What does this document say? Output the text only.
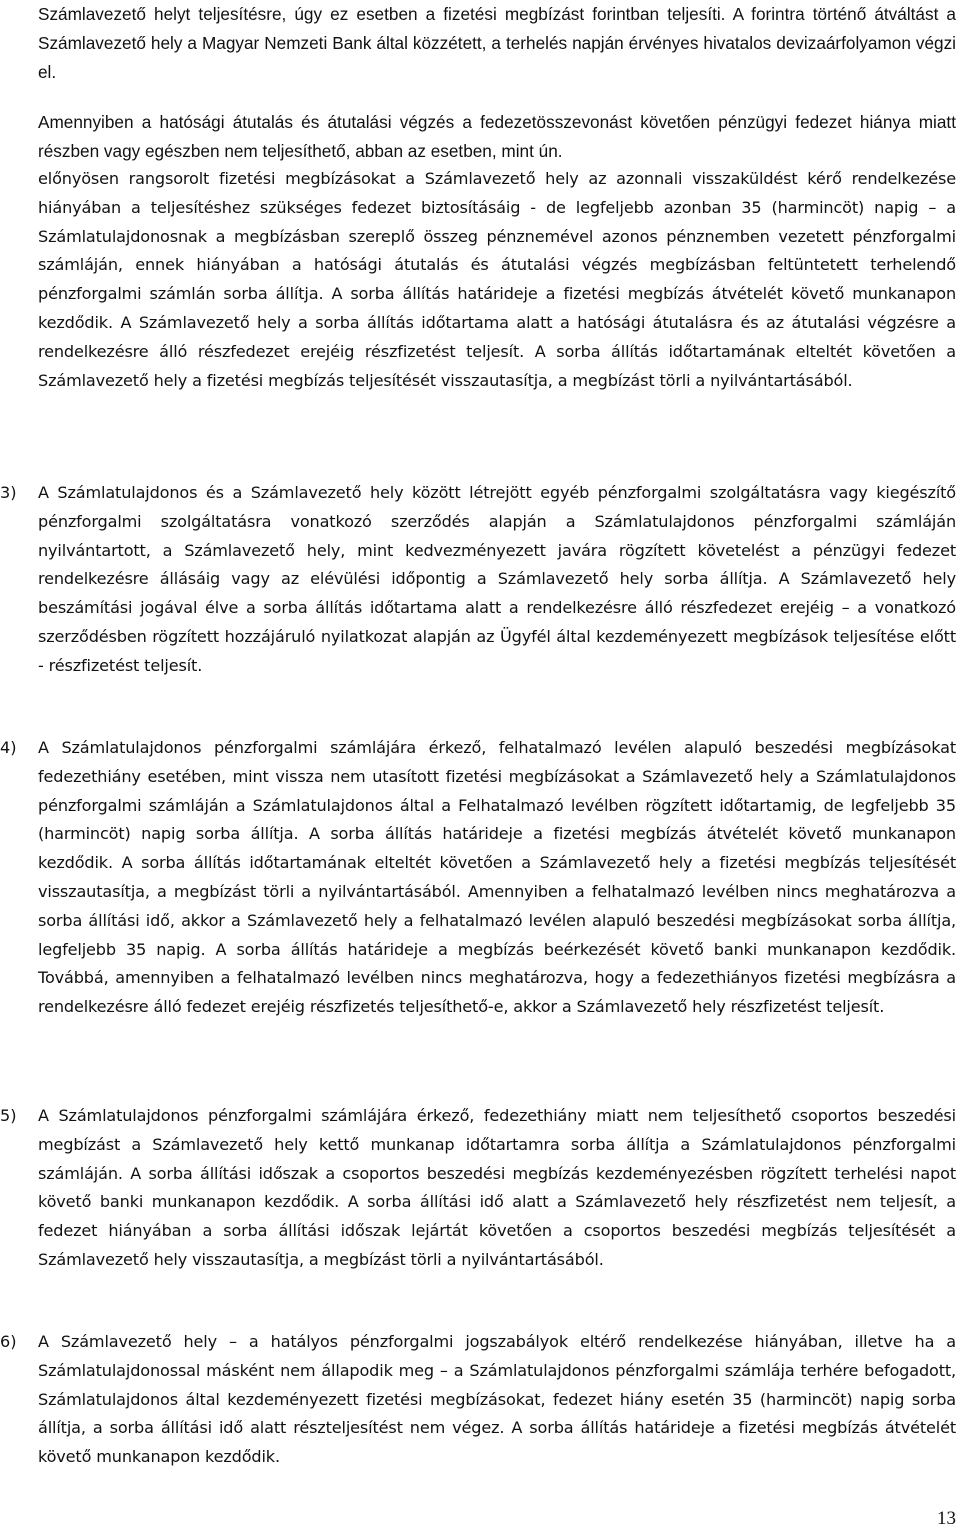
Számlavezető helyt teljesítésre, úgy ez esetben a fizetési megbízást forintban teljesíti. A forintra történő átváltást a Számlavezető hely a Magyar Nemzeti Bank által közzétett, a terhelés napján érvényes hivatalos devizaárfolyamon végzi el.

Amennyiben a hatósági átutalás és átutalási végzés a fedezetösszevonást követően pénzügyi fedezet hiánya miatt részben vagy egészben nem teljesíthető, abban az esetben, mint ún.

előnyösen rangsorolt fizetési megbízásokat a Számlavezető hely az azonnali visszaküldést kérő rendelkezése hiányában a teljesítéshez szükséges fedezet biztosításáig - de legfeljebb azonban 35 (harmincöt) napig – a Számlatulajdonosnak a megbízásban szereplő összeg pénznemével azonos pénznemben vezetett pénzforgalmi számláján, ennek hiányában a hatósági átutalás és átutalási végzés megbízásban feltüntetett terhelendő pénzforgalmi számlán sorba állítja. A sorba állítás határideje a fizetési megbízás átvételét követő munkanapon kezdődik. A Számlavezető hely a sorba állítás időtartama alatt a hatósági átutalásra és az átutalási végzésre a rendelkezésre álló részfedezet erejéig részfizetést teljesít. A sorba állítás időtartamának elteltét követően a Számlavezető hely a fizetési megbízás teljesítését visszautasítja, a megbízást törli a nyilvántartásából.

3) A Számlatulajdonos és a Számlavezető hely között létrejött egyéb pénzforgalmi szolgáltatásra vagy kiegészítő pénzforgalmi szolgáltatásra vonatkozó szerződés alapján a Számlatulajdonos pénzforgalmi számláján nyilvántartott, a Számlavezető hely, mint kedvezményezett javára rögzített követelést a pénzügyi fedezet rendelkezésre állásáig vagy az elévülési időpontig a Számlavezető hely sorba állítja. A Számlavezető hely beszámítási jogával élve a sorba állítás időtartama alatt a rendelkezésre álló részfedezet erejéig – a vonatkozó szerződésben rögzített hozzájáruló nyilatkozat alapján az Ügyfél által kezdeményezett megbízások teljesítése előtt - részfizetést teljesít.

4) A Számlatulajdonos pénzforgalmi számlájára érkező, felhatalmazó levélen alapuló beszedési megbízásokat fedezethiány esetében, mint vissza nem utasított fizetési megbízásokat a Számlavezető hely a Számlatulajdonos pénzforgalmi számláján a Számlatulajdonos által a Felhatalmazó levélben rögzített időtartamig, de legfeljebb 35 (harmincöt) napig sorba állítja. A sorba állítás határideje a fizetési megbízás átvételét követő munkanapon kezdődik. A sorba állítás időtartamának elteltét követően a Számlavezető hely a fizetési megbízás teljesítését visszautasítja, a megbízást törli a nyilvántartásából. Amennyiben a felhatalmazó levélben nincs meghatározva a sorba állítási idő, akkor a Számlavezető hely a felhatalmazó levélen alapuló beszedési megbízásokat sorba állítja, legfeljebb 35 napig. A sorba állítás határideje a megbízás beérkezését követő banki munkanapon kezdődik. Továbbá, amennyiben a felhatalmazó levélben nincs meghatározva, hogy a fedezethiányos fizetési megbízásra a rendelkezésre álló fedezet erejéig részfizetés teljesíthető-e, akkor a Számlavezető hely részfizetést teljesít.

5) A Számlatulajdonos pénzforgalmi számlájára érkező, fedezethiány miatt nem teljesíthető csoportos beszedési megbízást a Számlavezető hely kettő munkanap időtartamra sorba állítja a Számlatulajdonos pénzforgalmi számláján. A sorba állítási időszak a csoportos beszedési megbízás kezdeményezésben rögzített terhelési napot követő banki munkanapon kezdődik. A sorba állítási idő alatt a Számlavezető hely részfizetést nem teljesít, a fedezet hiányában a sorba állítási időszak lejártát követően a csoportos beszedési megbízás teljesítését a Számlavezető hely visszautasítja, a megbízást törli a nyilvántartásából.

6) A Számlavezető hely – a hatályos pénzforgalmi jogszabályok eltérő rendelkezése hiányában, illetve ha a Számlatulajdonossal másként nem állapodik meg – a Számlatulajdonos pénzforgalmi számlája terhére befogadott, Számlatulajdonos által kezdeményezett fizetési megbízásokat, fedezet hiány esetén 35 (harmincöt) napig sorba állítja, a sorba állítási idő alatt részteljesítést nem végez. A sorba állítás határideje a fizetési megbízás átvételét követő munkanapon kezdődik.

13
